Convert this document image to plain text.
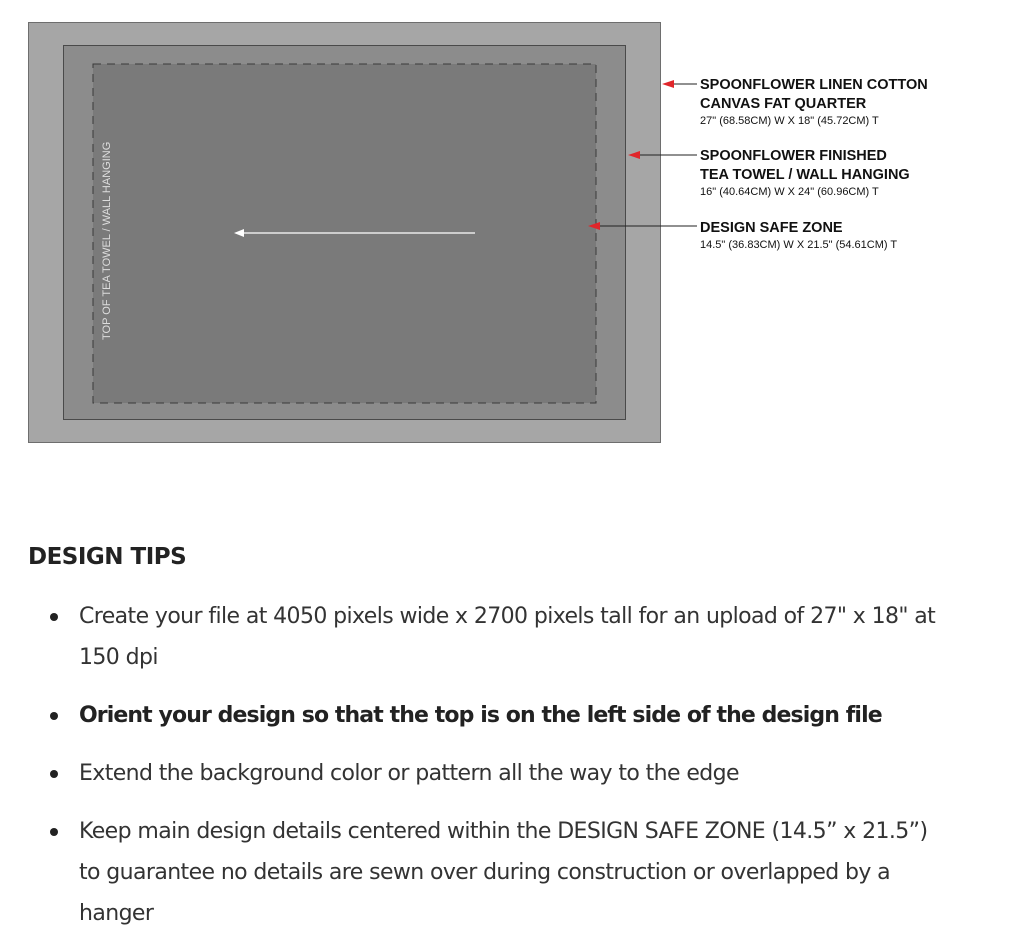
TOP OF TEA TOWEL / WALL HANGING
SPOONFLOWER LINEN COTTON
CANVAS FAT QUARTER
27" (68.58CM) W X 18" (45.72CM) T
SPOONFLOWER FINISHED
TEA TOWEL / WALL HANGING
16" (40.64CM) W X 24" (60.96CM) T
DESIGN SAFE ZONE
14.5" (36.83CM) W X 21.5" (54.61CM) T
DESIGN TIPS
Create your file at 4050 pixels wide x 2700 pixels tall for an upload of 27" x 18" at 150 dpi
Orient your design so that the top is on the left side of the design file
Extend the background color or pattern all the way to the edge
Keep main design details centered within the DESIGN SAFE ZONE (14.5” x 21.5”) to guarantee no details are sewn over during construction or overlapped by a hanger
